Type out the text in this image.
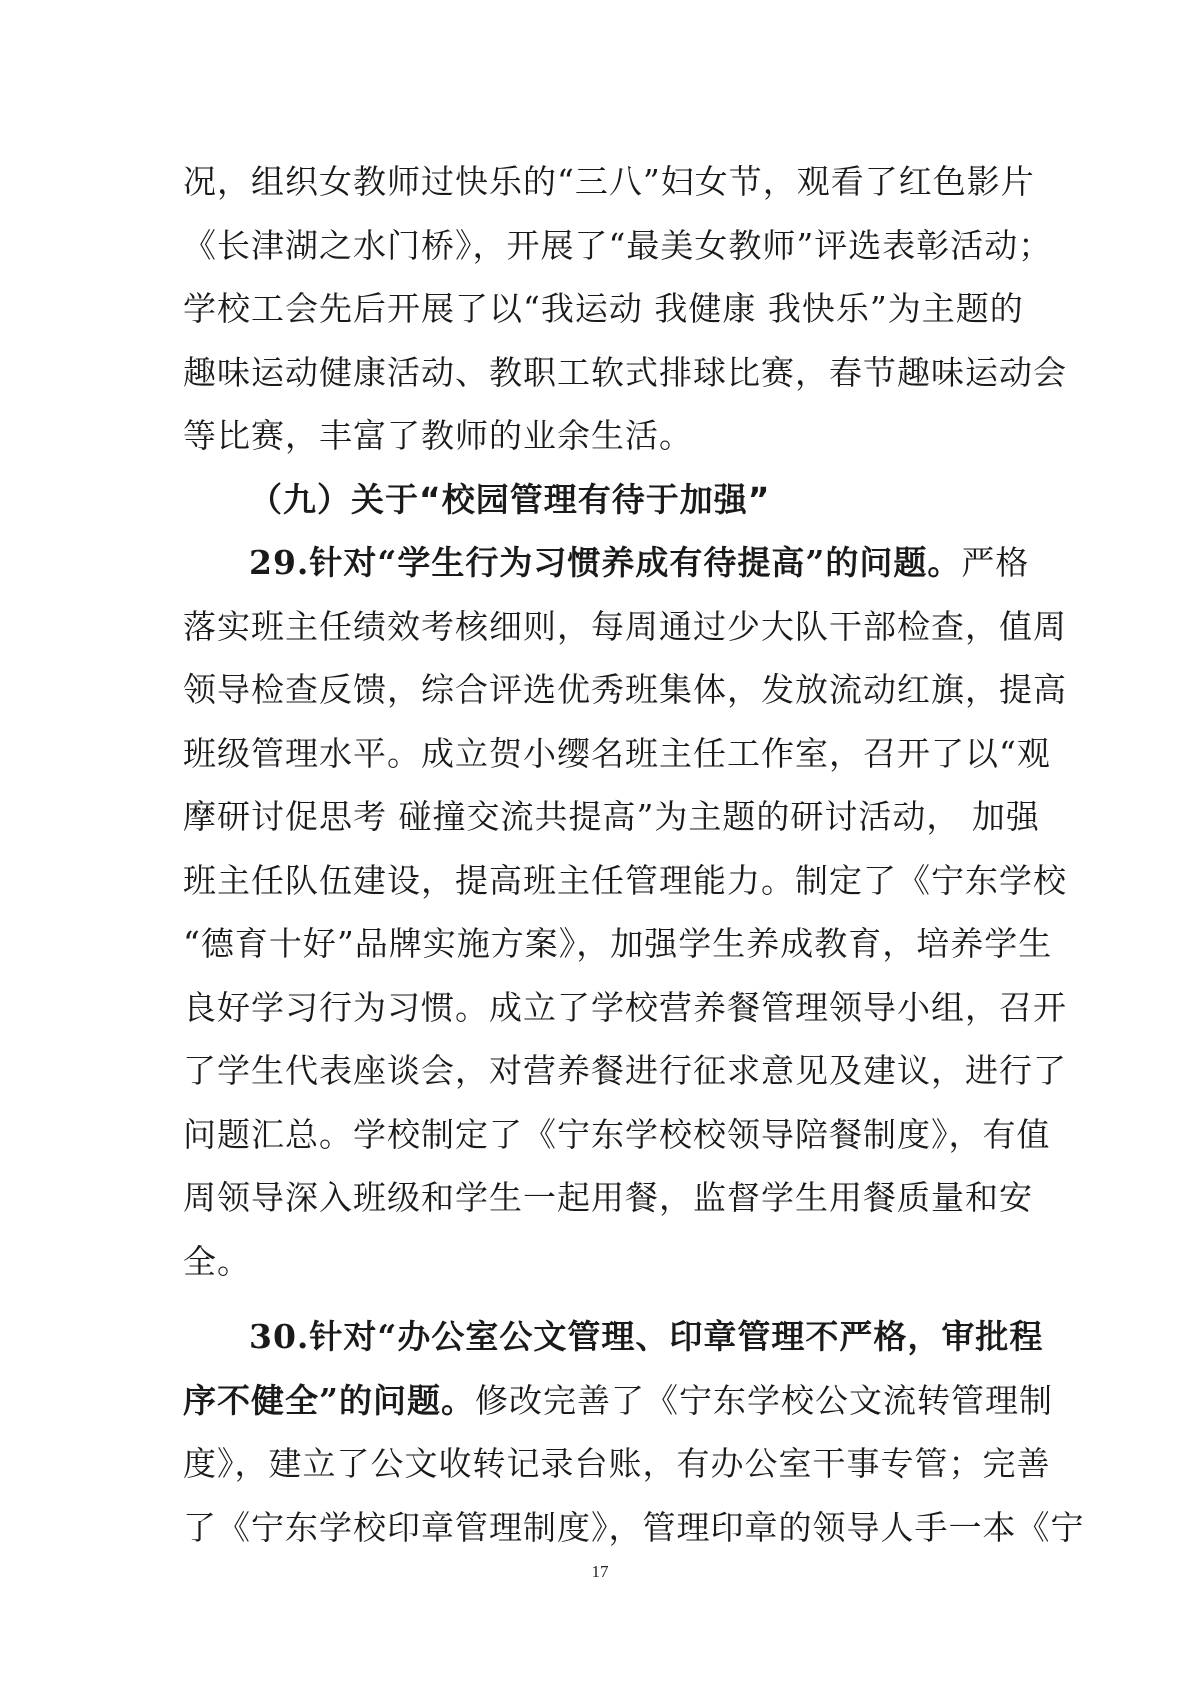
况，组织女教师过快乐的“三八”妇女节，观看了红色影片
《长津湖之水门桥》，开展了“最美女教师”评选表彰活动；
学校工会先后开展了以“我运动 我健康 我快乐”为主题的
趣味运动健康活动、教职工软式排球比赛，春节趣味运动会
等比赛，丰富了教师的业余生活。
（九）关于“校园管理有待于加强”
29.针对“学生行为习惯养成有待提高”的问题。严格
落实班主任绩效考核细则，每周通过少大队干部检查，值周
领导检查反馈，综合评选优秀班集体，发放流动红旗，提高
班级管理水平。成立贺小缨名班主任工作室，召开了以“观
摩研讨促思考 碰撞交流共提高”为主题的研讨活动， 加强
班主任队伍建设，提高班主任管理能力。制定了《宁东学校
“德育十好”品牌实施方案》，加强学生养成教育，培养学生
良好学习行为习惯。成立了学校营养餐管理领导小组，召开
了学生代表座谈会，对营养餐进行征求意见及建议，进行了
问题汇总。学校制定了《宁东学校校领导陪餐制度》，有值
周领导深入班级和学生一起用餐，监督学生用餐质量和安
全。
30.针对“办公室公文管理、印章管理不严格，审批程
序不健全”的问题。修改完善了《宁东学校公文流转管理制
度》，建立了公文收转记录台账，有办公室干事专管；完善
了《宁东学校印章管理制度》，管理印章的领导人手一本《宁
17
